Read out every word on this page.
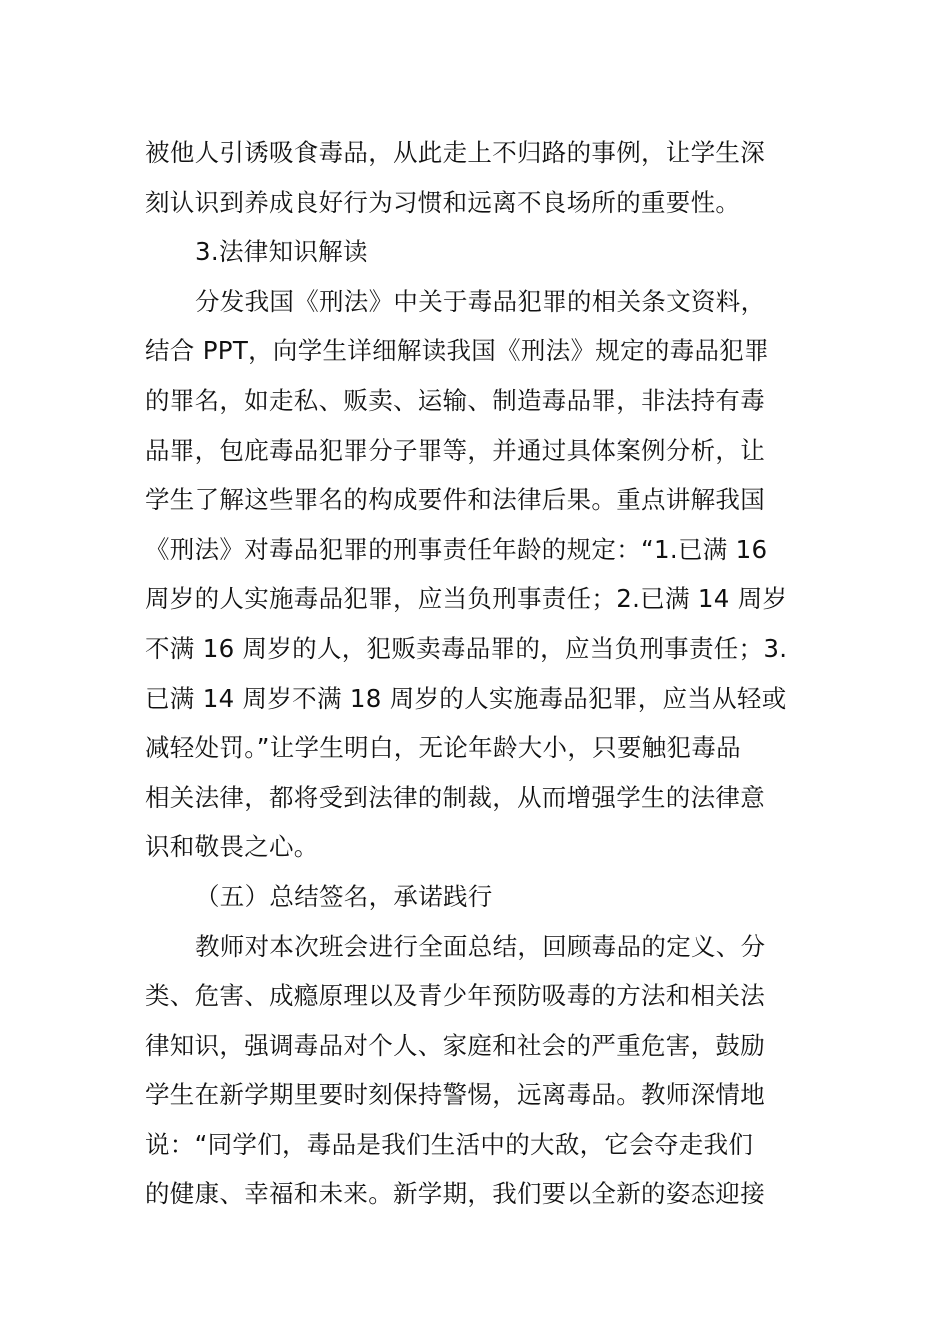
被他人引诱吸食毒品，从此走上不归路的事例，让学生深
刻认识到养成良好行为习惯和远离不良场所的重要性。
3.法律知识解读
分发我国《刑法》中关于毒品犯罪的相关条文资料，
结合 PPT，向学生详细解读我国《刑法》规定的毒品犯罪
的罪名，如走私、贩卖、运输、制造毒品罪，非法持有毒
品罪，包庇毒品犯罪分子罪等，并通过具体案例分析，让
学生了解这些罪名的构成要件和法律后果。重点讲解我国
《刑法》对毒品犯罪的刑事责任年龄的规定：“1.已满 16
周岁的人实施毒品犯罪，应当负刑事责任；2.已满 14 周岁
不满 16 周岁的人，犯贩卖毒品罪的，应当负刑事责任；3.
已满 14 周岁不满 18 周岁的人实施毒品犯罪，应当从轻或
减轻处罚。”让学生明白，无论年龄大小，只要触犯毒品
相关法律，都将受到法律的制裁，从而增强学生的法律意
识和敬畏之心。
（五）总结签名，承诺践行
教师对本次班会进行全面总结，回顾毒品的定义、分
类、危害、成瘾原理以及青少年预防吸毒的方法和相关法
律知识，强调毒品对个人、家庭和社会的严重危害，鼓励
学生在新学期里要时刻保持警惕，远离毒品。教师深情地
说：“同学们，毒品是我们生活中的大敌，它会夺走我们
的健康、幸福和未来。新学期，我们要以全新的姿态迎接
